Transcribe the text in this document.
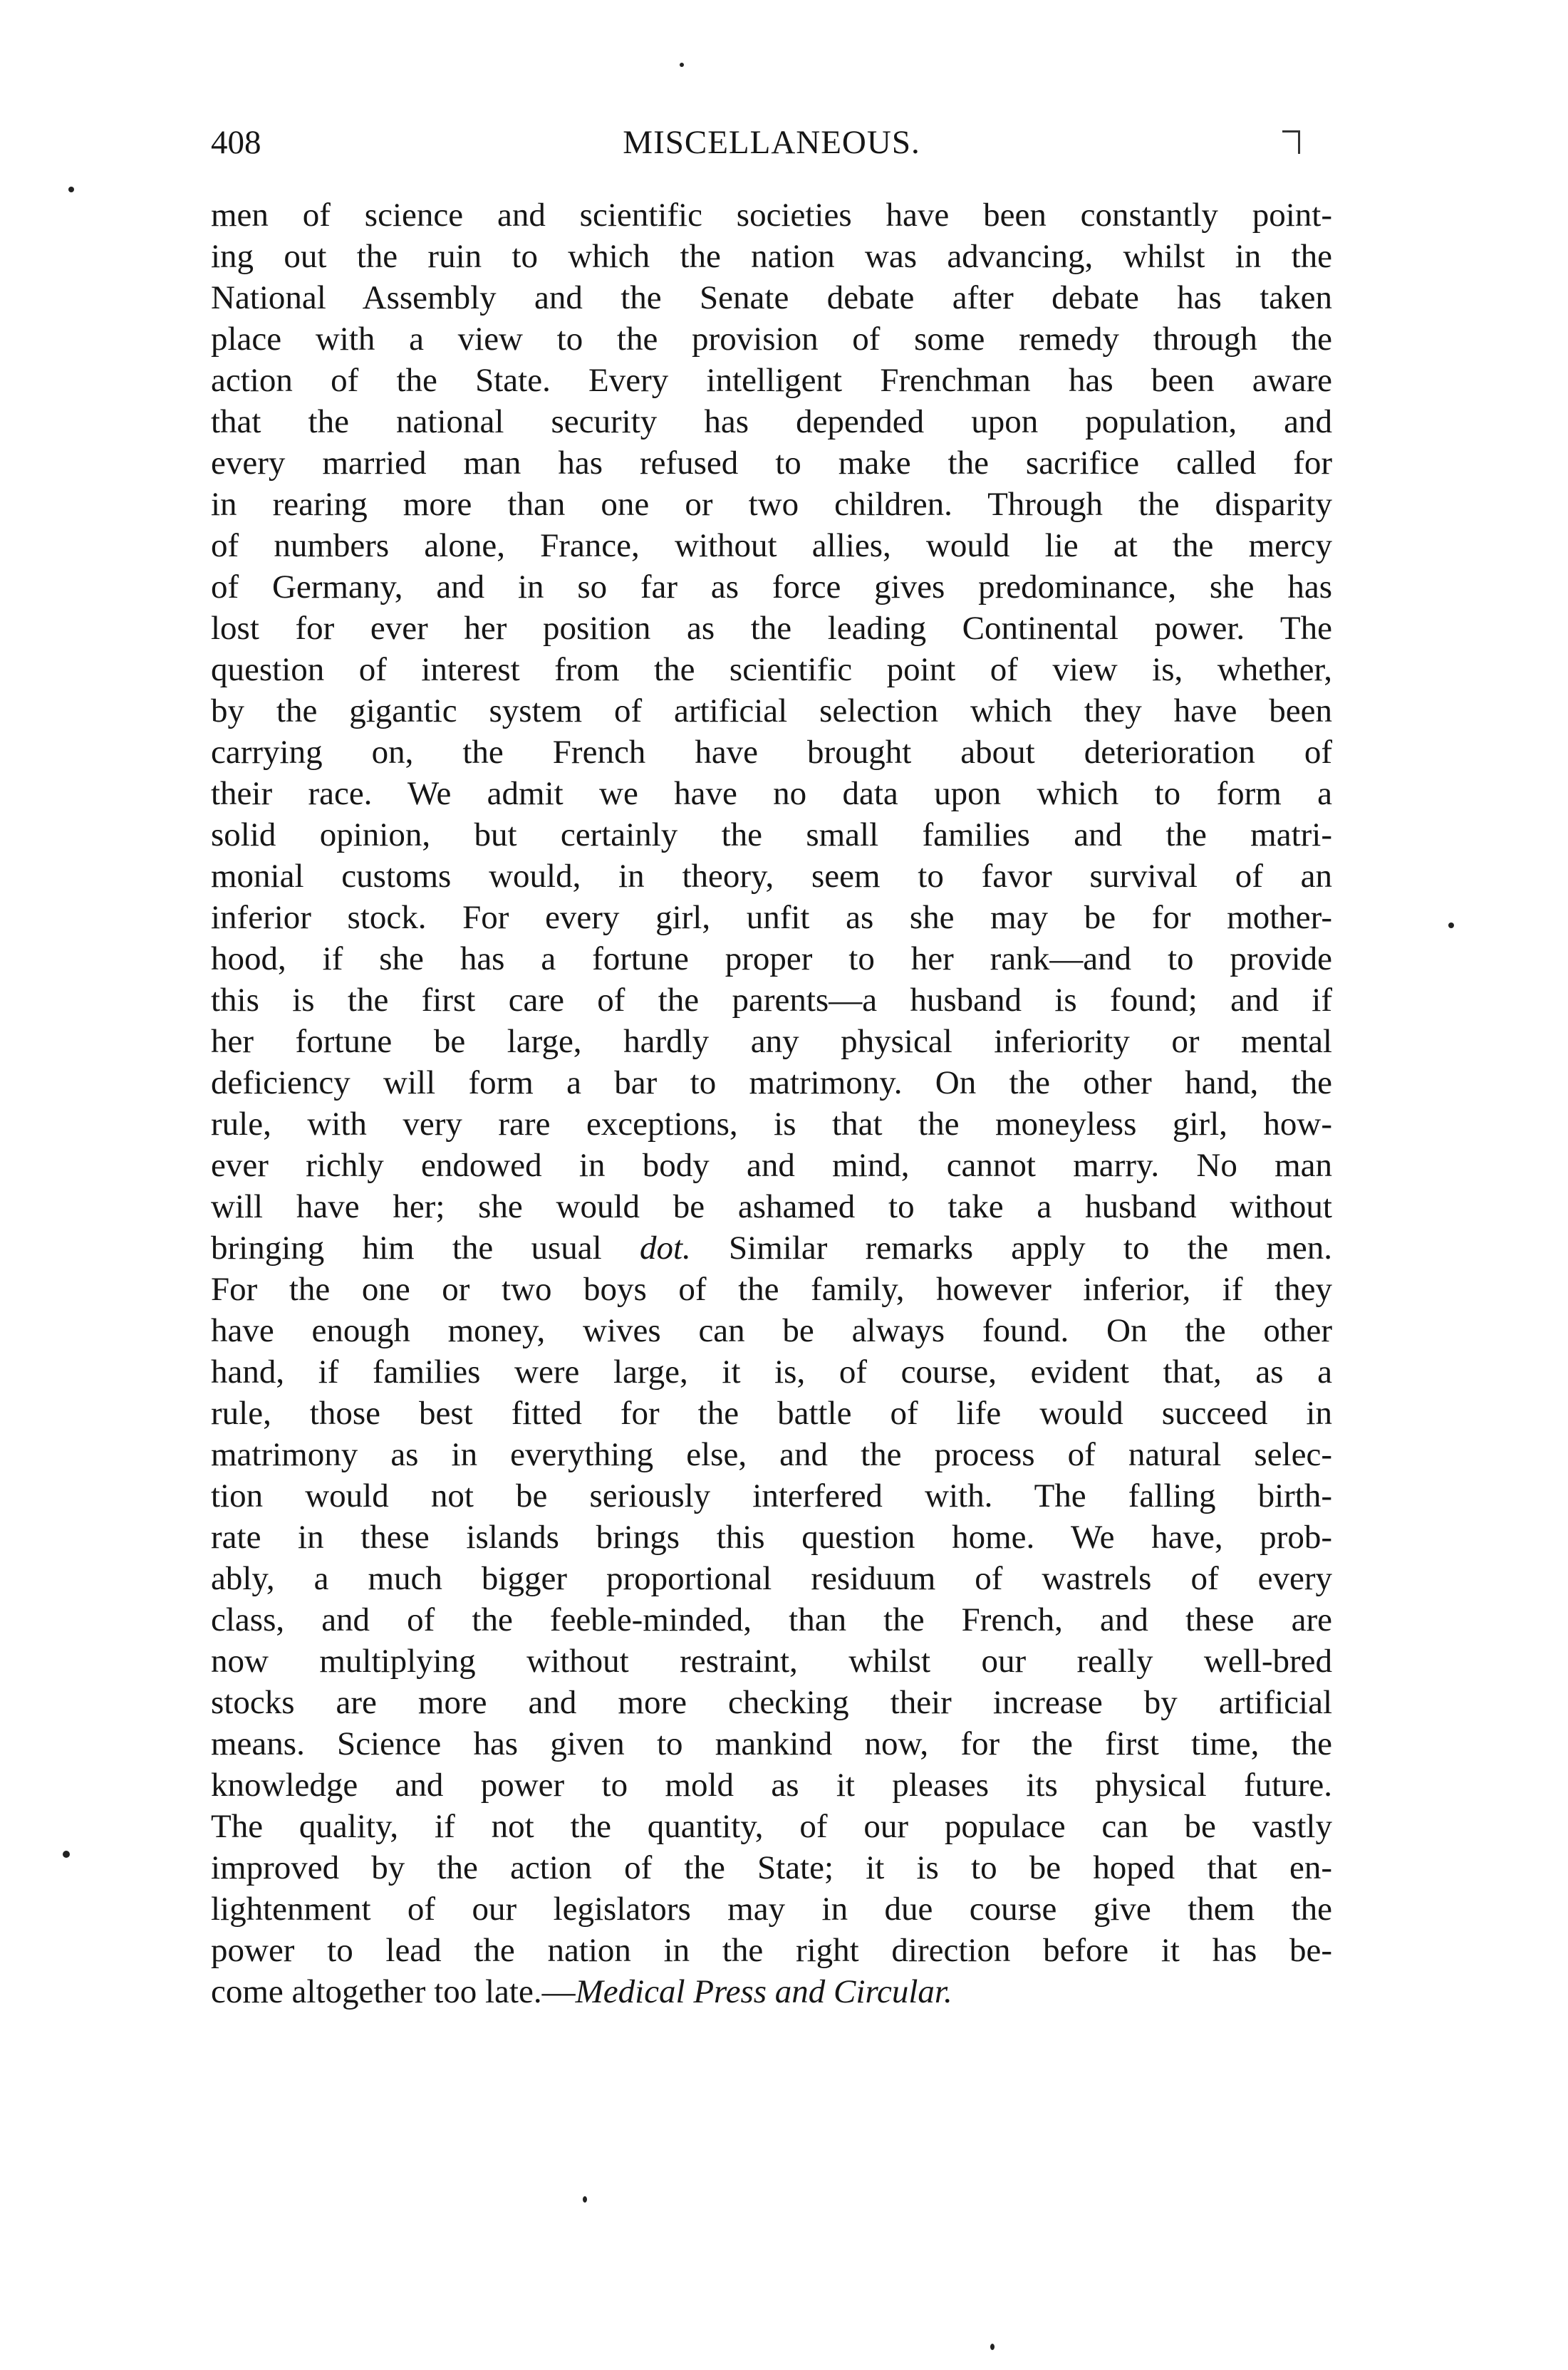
408	MISCELLANEOUS.
men of science and scientific societies have been constantly point-
ing out the ruin to which the nation was advancing, whilst in the
National Assembly and the Senate debate after debate has taken
place with a view to the provision of some remedy through the
action of the State. Every intelligent Frenchman has been aware
that the national security has depended upon population, and
every married man has refused to make the sacrifice called for
in rearing more than one or two children. Through the disparity
of numbers alone, France, without allies, would lie at the mercy
of Germany, and in so far as force gives predominance, she has
lost for ever her position as the leading Continental power. The
question of interest from the scientific point of view is, whether,
by the gigantic system of artificial selection which they have been
carrying on, the French have brought about deterioration of
their race. We admit we have no data upon which to form a
solid opinion, but certainly the small families and the matri-
monial customs would, in theory, seem to favor survival of an
inferior stock. For every girl, unfit as she may be for mother-
hood, if she has a fortune proper to her rank—and to provide
this is the first care of the parents—a husband is found; and if
her fortune be large, hardly any physical inferiority or mental
deficiency will form a bar to matrimony. On the other hand, the
rule, with very rare exceptions, is that the moneyless girl, how-
ever richly endowed in body and mind, cannot marry. No man
will have her; she would be ashamed to take a husband without
bringing him the usual dot. Similar remarks apply to the men.
For the one or two boys of the family, however inferior, if they
have enough money, wives can be always found. On the other
hand, if families were large, it is, of course, evident that, as a
rule, those best fitted for the battle of life would succeed in
matrimony as in everything else, and the process of natural selec-
tion would not be seriously interfered with. The falling birth-
rate in these islands brings this question home. We have, prob-
ably, a much bigger proportional residuum of wastrels of every
class, and of the feeble-minded, than the French, and these are
now multiplying without restraint, whilst our really well-bred
stocks are more and more checking their increase by artificial
means. Science has given to mankind now, for the first time, the
knowledge and power to mold as it pleases its physical future.
The quality, if not the quantity, of our populace can be vastly
improved by the action of the State; it is to be hoped that en-
lightenment of our legislators may in due course give them the
power to lead the nation in the right direction before it has be-
come altogether too late.—Medical Press and Circular.
